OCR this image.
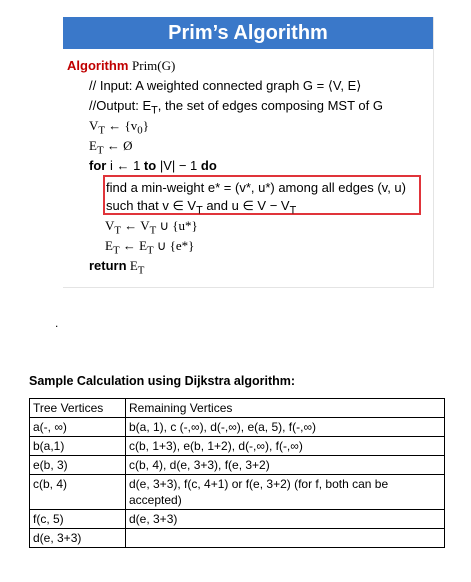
Prim’s Algorithm
Algorithm Prim(G)
// Input: A weighted connected graph G = ⟨V, E⟩
//Output: $E_T$, the set of edges composing MST of G
$V_T$ ← $\{v_0\}$
$E_T$ ← Ø
for i ← 1 to |V| − 1 do
find a min-weight e* = (v*, u*) among all edges (v, u)
such that v ∈ $V_T$ and u ∈ $V - V_T$
$V_T$ ← $V_T$ ∪ {u*}
$E_T$ ← $E_T$ ∪ {e*}
return $E_T$
.
Sample Calculation using Dijkstra algorithm:
Tree Vertices	Remaining Vertices
a(-, ∞)	b(a, 1), c (-,∞), d(-,∞), e(a, 5), f(-,∞)
b(a,1)	c(b, 1+3), e(b, 1+2), d(-,∞), f(-,∞)
e(b, 3)	c(b, 4), d(e, 3+3), f(e, 3+2)
c(b, 4)	d(e, 3+3), f(c, 4+1) or f(e, 3+2) (for f, both can be accepted)
f(c, 5)	d(e, 3+3)
d(e, 3+3)	
